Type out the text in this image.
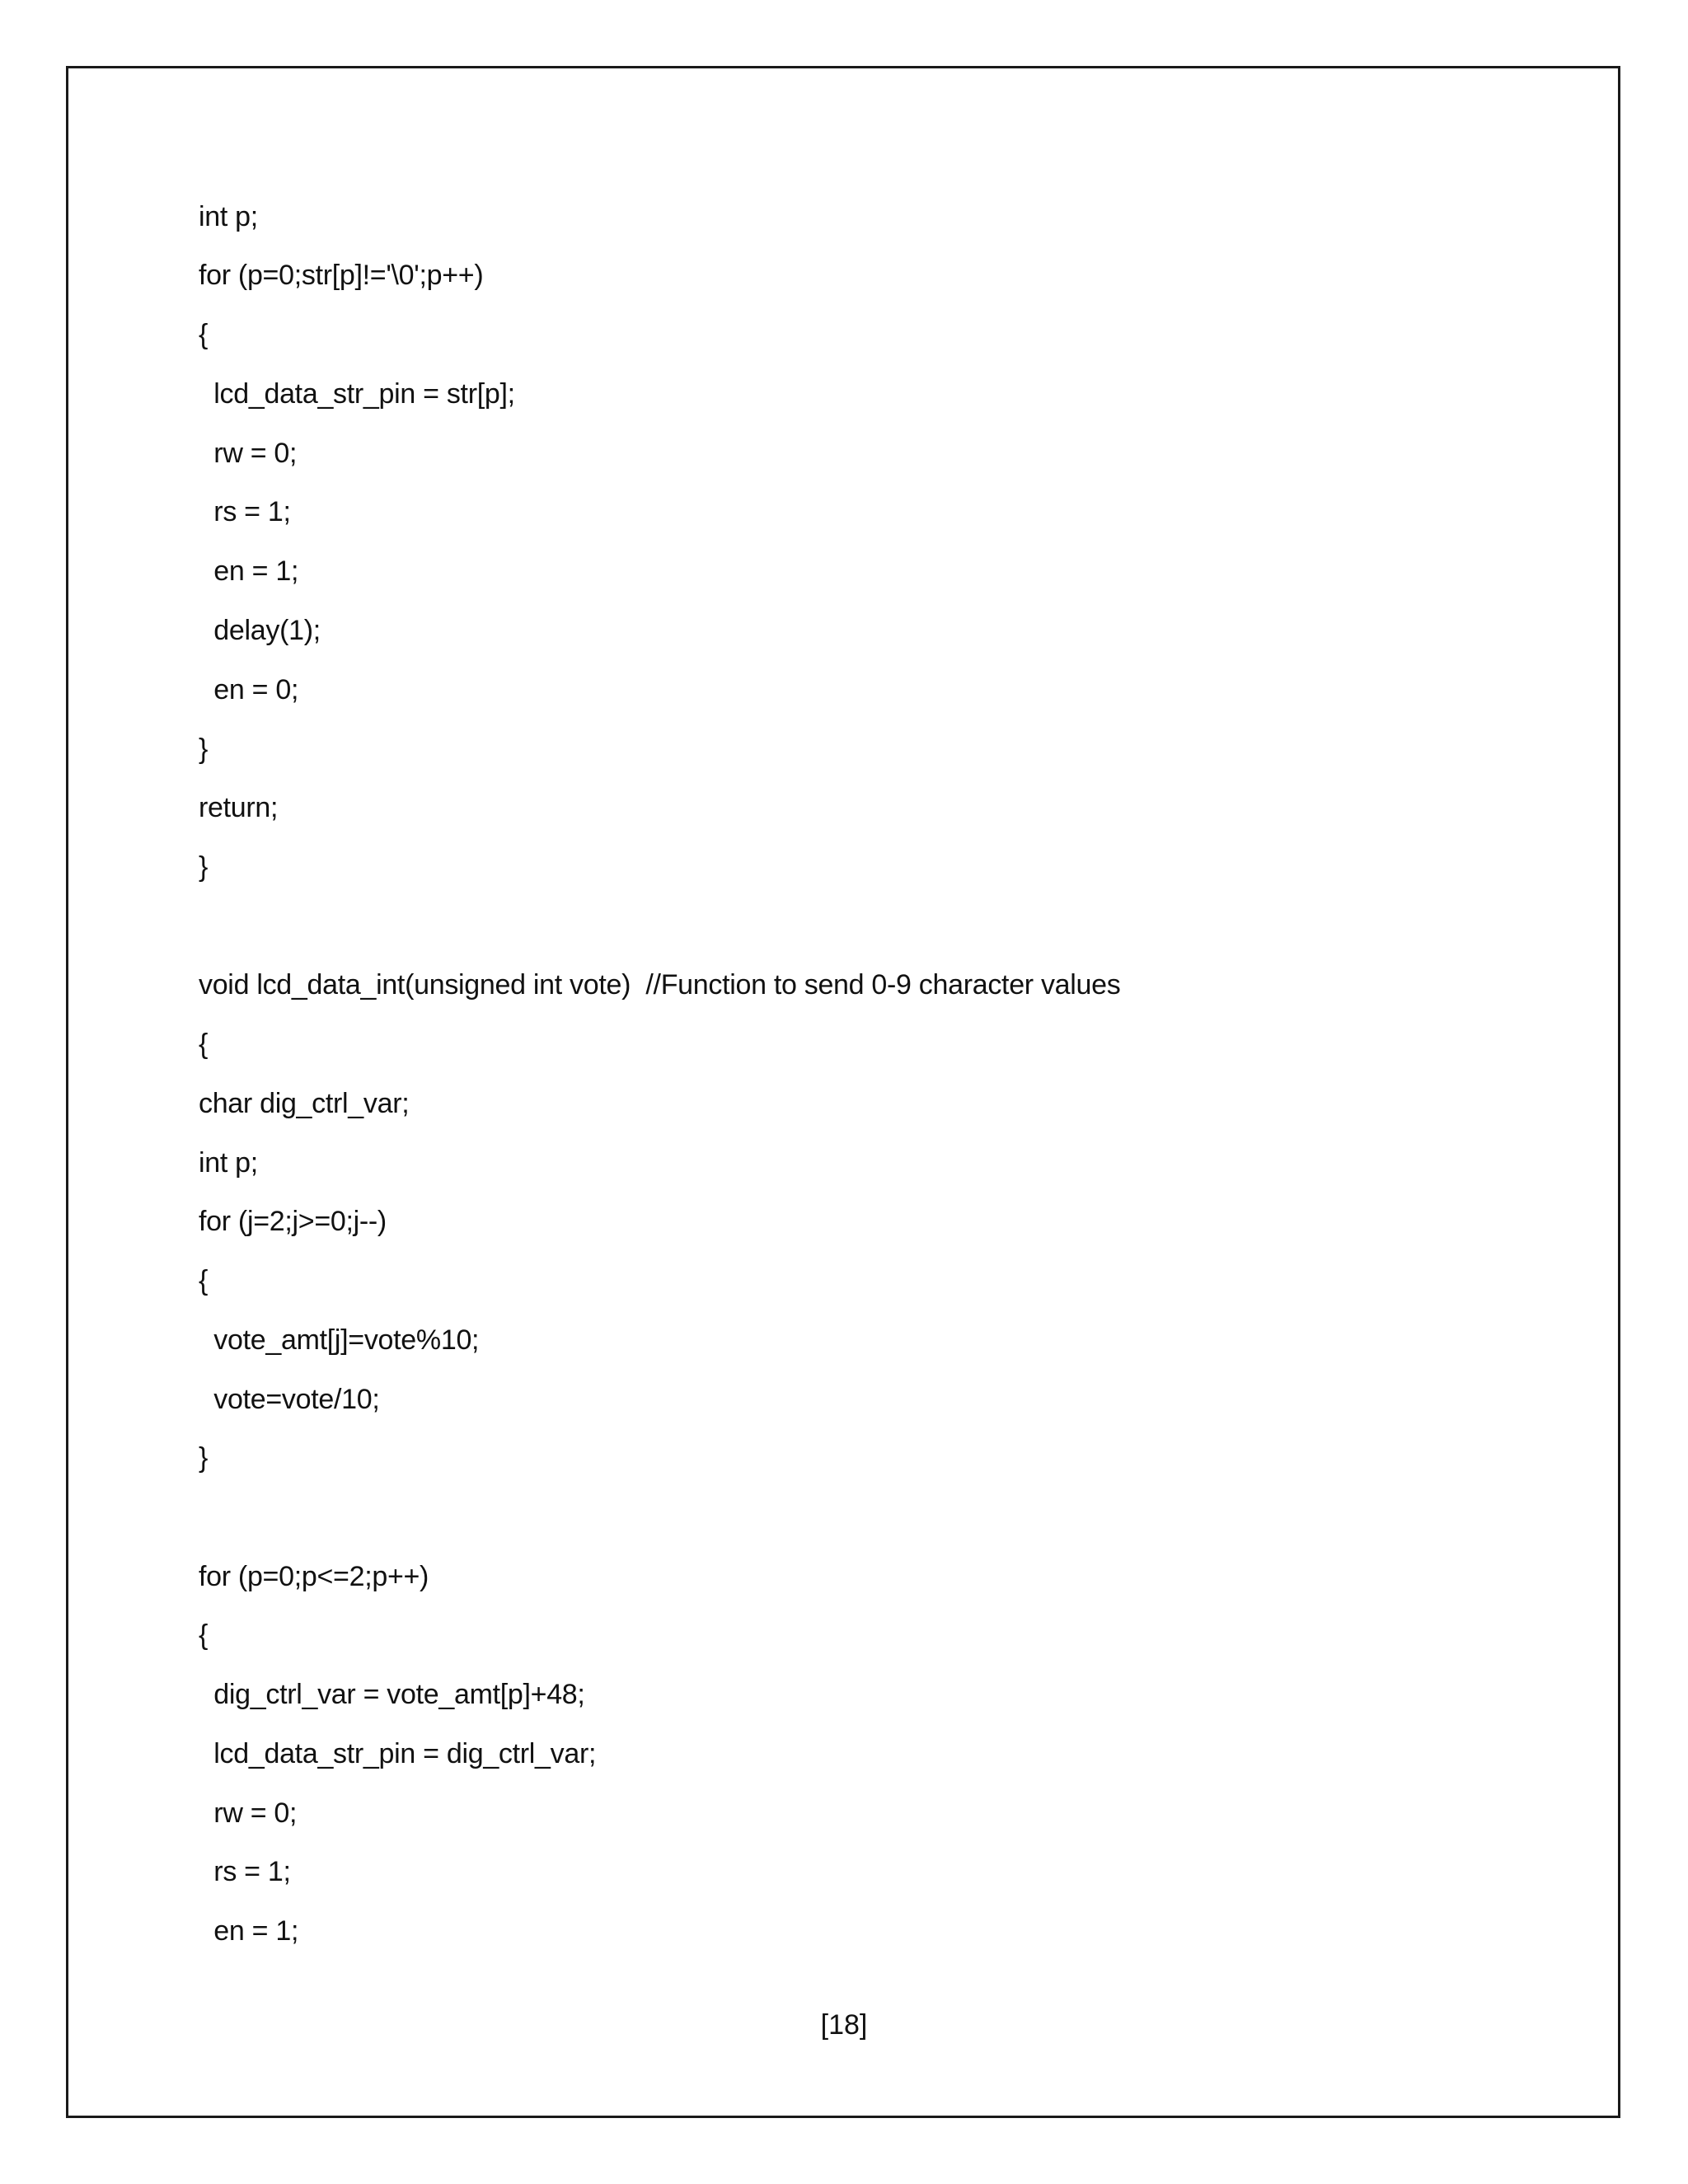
int p;
for (p=0;str[p]!='\0';p++)
{
lcd_data_str_pin = str[p];
rw = 0;
rs = 1;
en = 1;
delay(1);
en = 0;
}
return;
}
void lcd_data_int(unsigned int vote)  //Function to send 0-9 character values
{
char dig_ctrl_var;
int p;
for (j=2;j>=0;j--)
{
vote_amt[j]=vote%10;
vote=vote/10;
}
for (p=0;p<=2;p++)
{
dig_ctrl_var = vote_amt[p]+48;
lcd_data_str_pin = dig_ctrl_var;
rw = 0;
rs = 1;
en = 1;
[18]
